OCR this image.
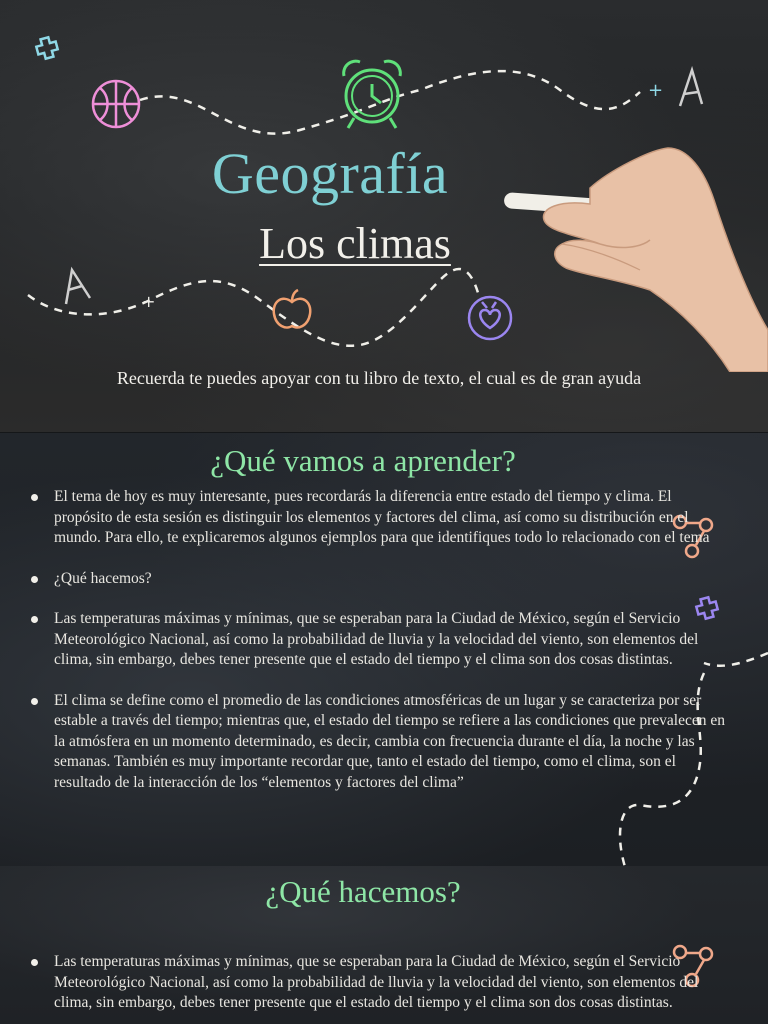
+
+
Geografía
Los climas
Recuerda te puedes apoyar con tu libro de texto, el cual es de gran ayuda
¿Qué vamos a aprender?
El tema de hoy es muy interesante, pues recordarás la diferencia entre estado del tiempo y clima. El propósito de esta sesión es distinguir los elementos y factores del clima, así como su distribución en el mundo. Para ello, te explicaremos algunos ejemplos para que identifiques todo lo relacionado con el tema
¿Qué hacemos?
Las temperaturas máximas y mínimas, que se esperaban para la Ciudad de México, según el Servicio Meteorológico Nacional, así como la probabilidad de lluvia y la velocidad del viento, son elementos del clima, sin embargo, debes tener presente que el estado del tiempo y el clima son dos cosas distintas.
El clima se define como el promedio de las condiciones atmosféricas de un lugar y se caracteriza por ser estable a través del tiempo; mientras que, el estado del tiempo se refiere a las condiciones que prevalecen en la atmósfera en un momento determinado, es decir, cambia con frecuencia durante el día, la noche y las semanas. También es muy importante recordar que, tanto el estado del tiempo, como el clima, son el resultado de la interacción de los “elementos y factores del clima”
¿Qué hacemos?
Las temperaturas máximas y mínimas, que se esperaban para la Ciudad de México, según el Servicio Meteorológico Nacional, así como la probabilidad de lluvia y la velocidad del viento, son elementos del clima, sin embargo, debes tener presente que el estado del tiempo y el clima son dos cosas distintas.
